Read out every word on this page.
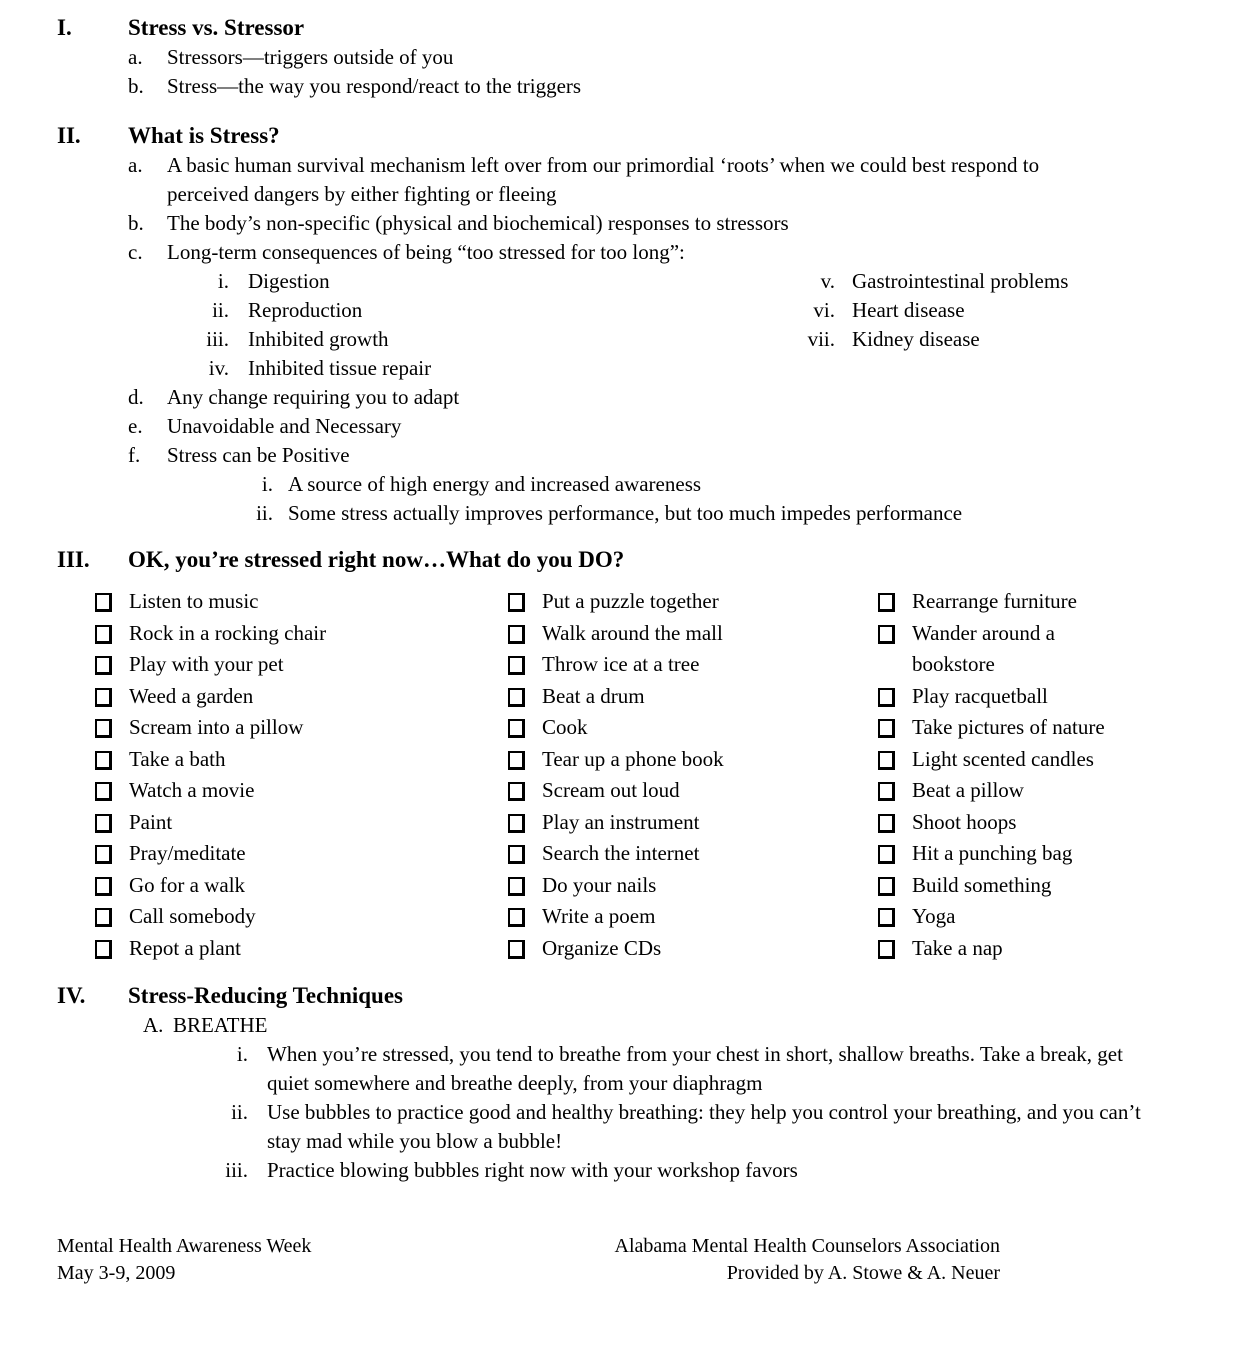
I.	Stress vs. Stressor
a.	Stressors—triggers outside of you
b.	Stress—the way you respond/react to the triggers
II.	What is Stress?
a.	A basic human survival mechanism left over from our primordial ‘roots’ when we could best respond to perceived dangers by either fighting or fleeing
b.	The body’s non-specific (physical and biochemical) responses to stressors
c.	Long-term consequences of being “too stressed for too long”:
i. Digestion
ii. Reproduction
iii. Inhibited growth
iv. Inhibited tissue repair
v. Gastrointestinal problems
vi. Heart disease
vii. Kidney disease
d.	Any change requiring you to adapt
e.	Unavoidable and Necessary
f.	Stress can be Positive
i. A source of high energy and increased awareness
ii. Some stress actually improves performance, but too much impedes performance
III.	OK, you’re stressed right now…What do you DO?
Listen to music
Rock in a rocking chair
Play with your pet
Weed a garden
Scream into a pillow
Take a bath
Watch a movie
Paint
Pray/meditate
Go for a walk
Call somebody
Repot a plant
Put a puzzle together
Walk around the mall
Throw ice at a tree
Beat a drum
Cook
Tear up a phone book
Scream out loud
Play an instrument
Search the internet
Do your nails
Write a poem
Organize CDs
Rearrange furniture
Wander around a bookstore
Play racquetball
Take pictures of nature
Light scented candles
Beat a pillow
Shoot hoops
Hit a punching bag
Build something
Yoga
Take a nap
IV.	Stress-Reducing Techniques
A. BREATHE
i. When you’re stressed, you tend to breathe from your chest in short, shallow breaths. Take a break, get quiet somewhere and breathe deeply, from your diaphragm
ii. Use bubbles to practice good and healthy breathing: they help you control your breathing, and you can’t stay mad while you blow a bubble!
iii. Practice blowing bubbles right now with your workshop favors
Mental Health Awareness Week
May 3-9, 2009
Alabama Mental Health Counselors Association
Provided by A. Stowe & A. Neuer
